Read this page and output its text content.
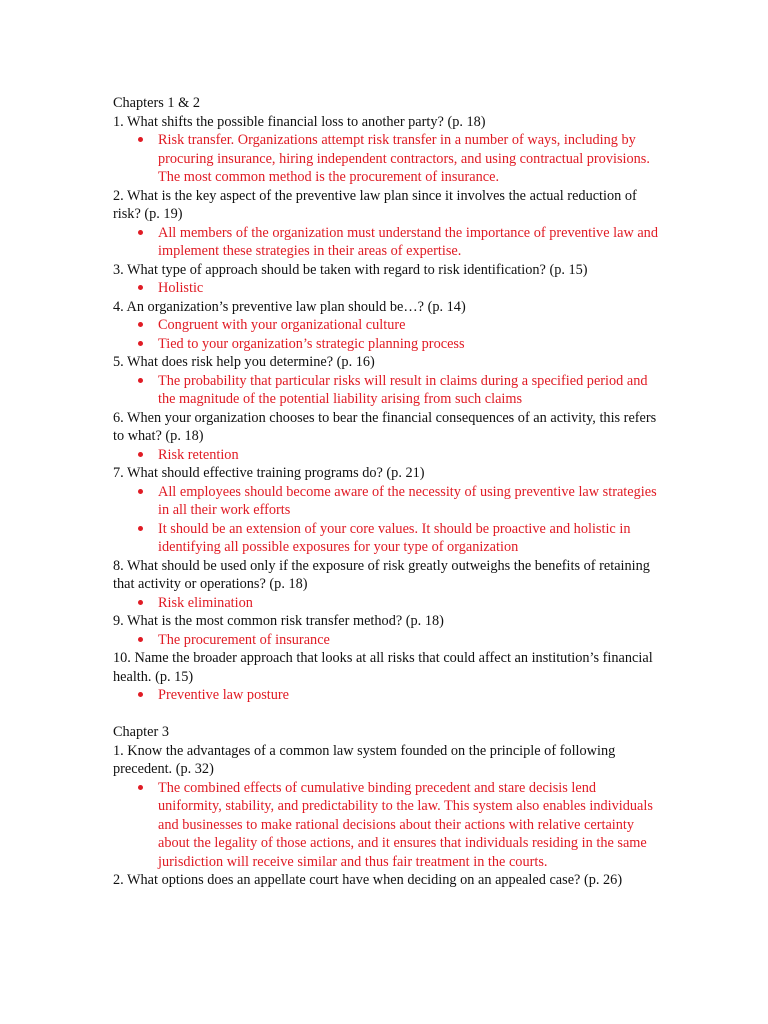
Chapters 1 & 2

1. What shifts the possible financial loss to another party? (p. 18)

Risk transfer. Organizations attempt risk transfer in a number of ways, including by procuring insurance, hiring independent contractors, and using contractual provisions. The most common method is the procurement of insurance.

2. What is the key aspect of the preventive law plan since it involves the actual reduction of risk? (p. 19)

All members of the organization must understand the importance of preventive law and implement these strategies in their areas of expertise.

3. What type of approach should be taken with regard to risk identification? (p. 15)

Holistic

4. An organization’s preventive law plan should be…? (p. 14)

Congruent with your organizational culture
Tied to your organization’s strategic planning process

5. What does risk help you determine? (p. 16)

The probability that particular risks will result in claims during a specified period and the magnitude of the potential liability arising from such claims

6. When your organization chooses to bear the financial consequences of an activity, this refers to what? (p. 18)

Risk retention

7. What should effective training programs do? (p. 21)

All employees should become aware of the necessity of using preventive law strategies in all their work efforts
It should be an extension of your core values. It should be proactive and holistic in identifying all possible exposures for your type of organization

8. What should be used only if the exposure of risk greatly outweighs the benefits of retaining that activity or operations? (p. 18)

Risk elimination

9. What is the most common risk transfer method? (p. 18)

The procurement of insurance

10. Name the broader approach that looks at all risks that could affect an institution’s financial health. (p. 15)

Preventive law posture

Chapter 3

1. Know the advantages of a common law system founded on the principle of following precedent. (p. 32)

The combined effects of cumulative binding precedent and stare decisis lend uniformity, stability, and predictability to the law. This system also enables individuals and businesses to make rational decisions about their actions with relative certainty about the legality of those actions, and it ensures that individuals residing in the same jurisdiction will receive similar and thus fair treatment in the courts.

2. What options does an appellate court have when deciding on an appealed case? (p. 26)
